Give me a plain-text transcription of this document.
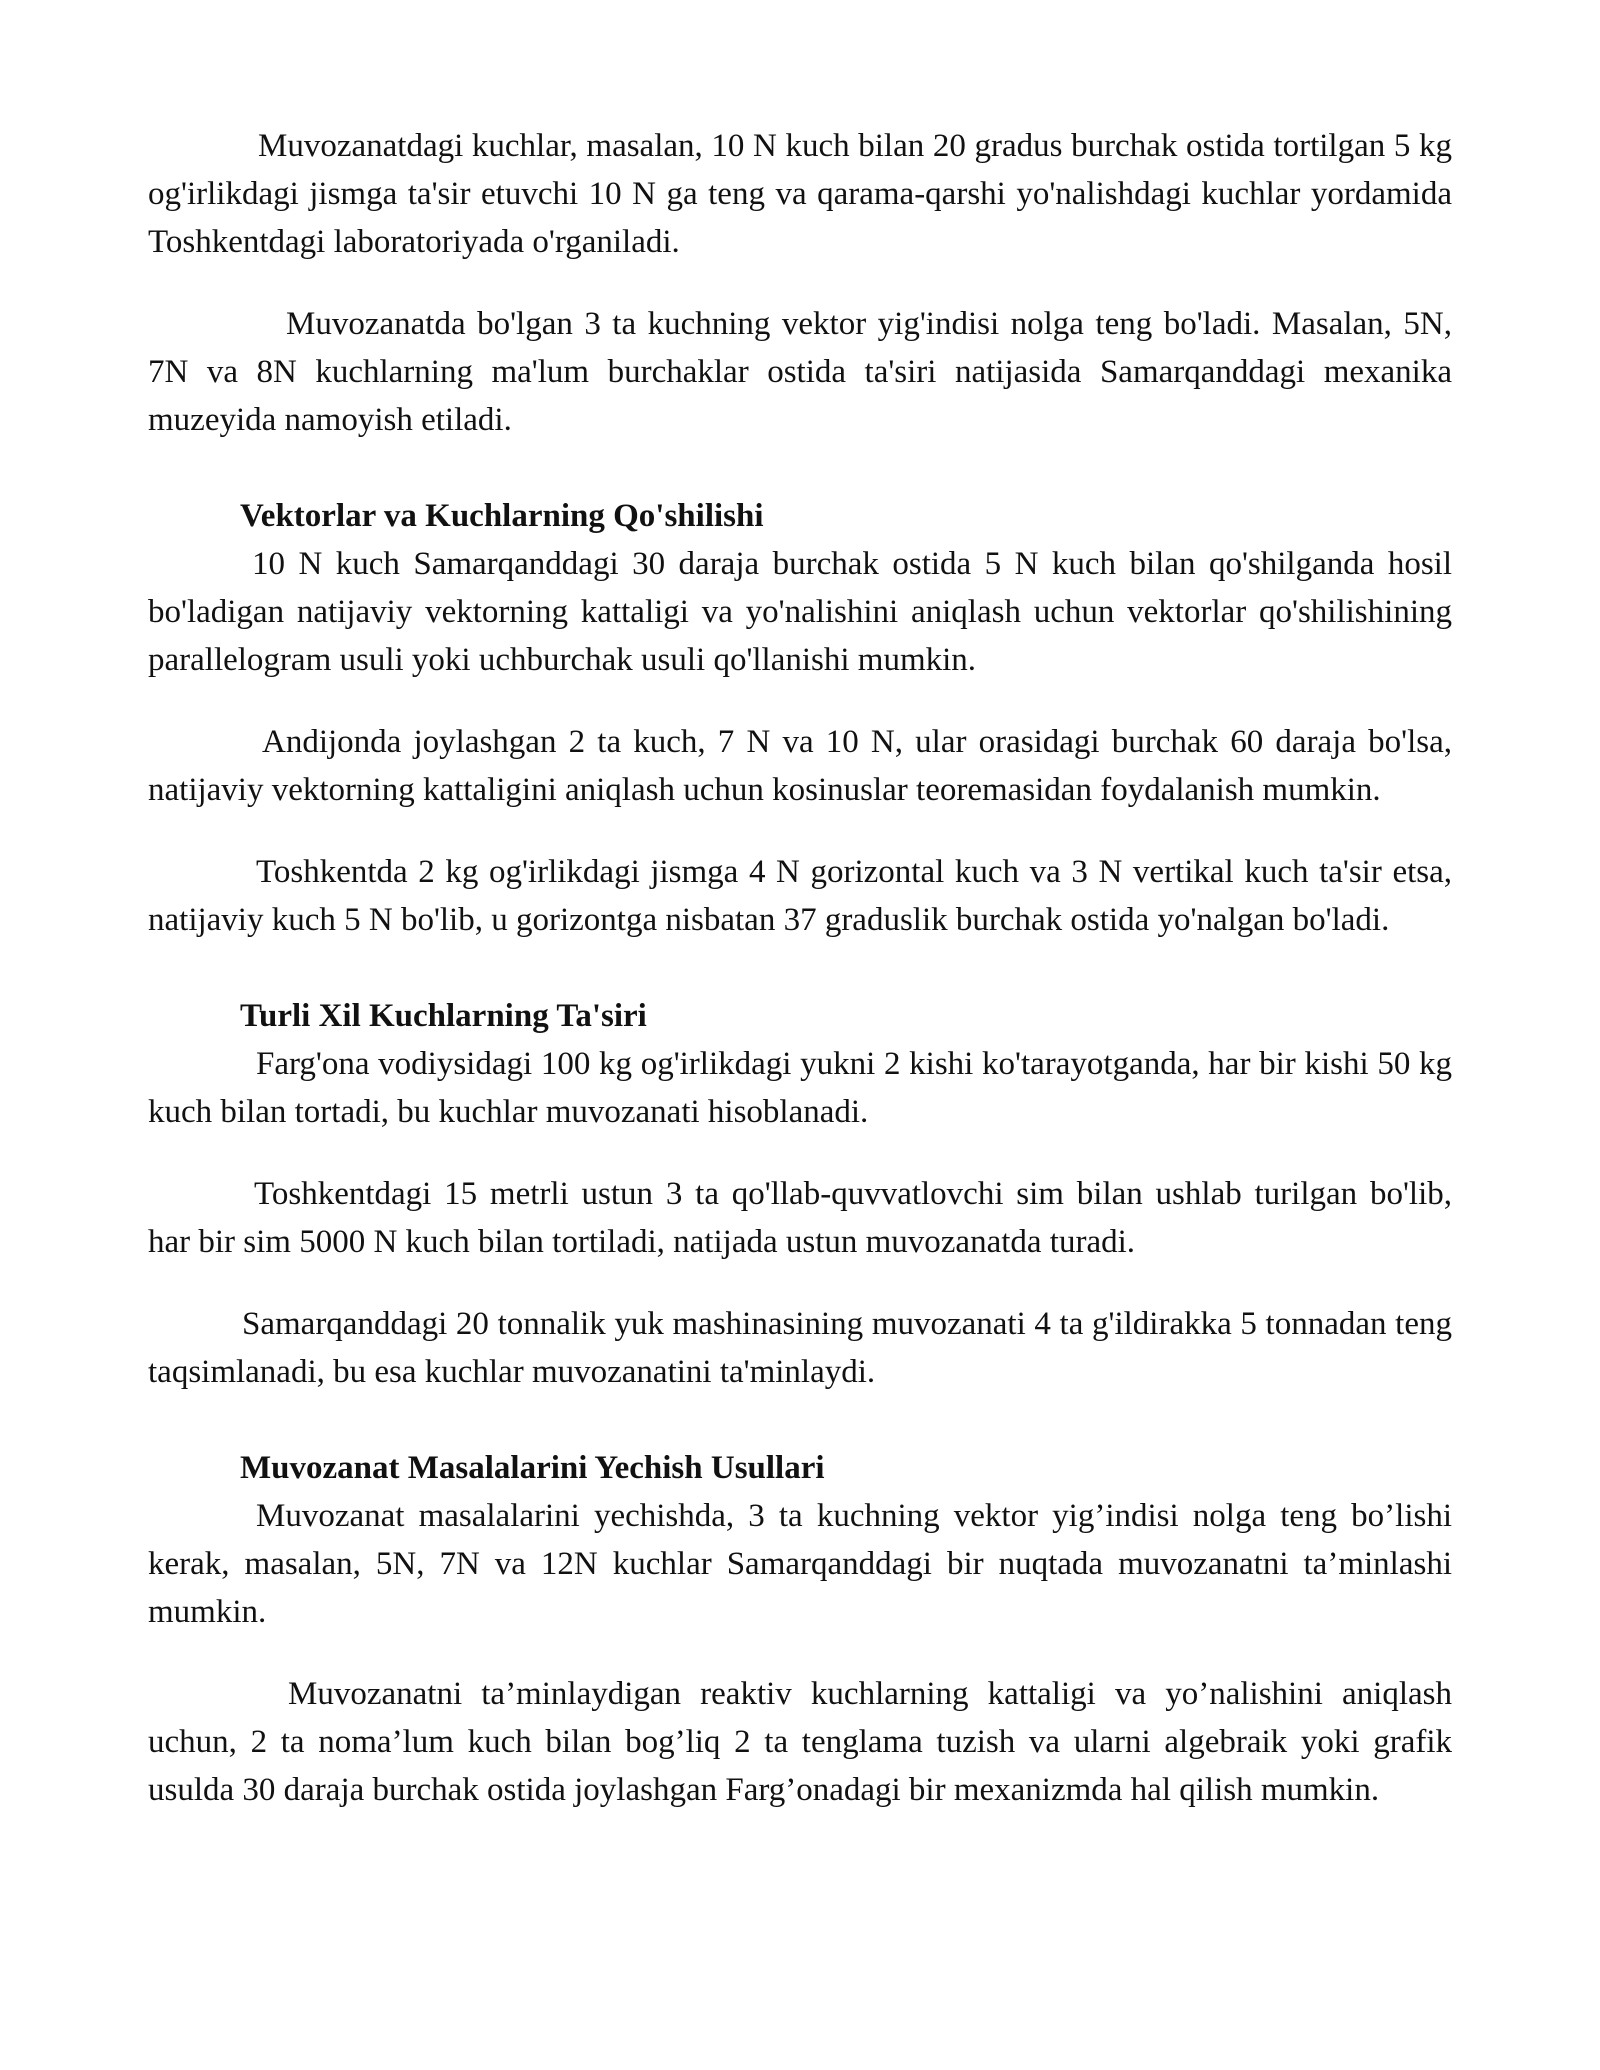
Muvozanatdagi kuchlar, masalan, 10 N kuch bilan 20 gradus burchak ostida tortilgan 5 kg og'irlikdagi jismga ta'sir etuvchi 10 N ga teng va qarama-qarshi yo'nalishdagi kuchlar yordamida Toshkentdagi laboratoriyada o'rganiladi.

Muvozanatda bo'lgan 3 ta kuchning vektor yig'indisi nolga teng bo'ladi. Masalan, 5N, 7N va 8N kuchlarning ma'lum burchaklar ostida ta'siri natijasida Samarqanddagi mexanika muzeyida namoyish etiladi.

Vektorlar va Kuchlarning Qo'shilishi

10 N kuch Samarqanddagi 30 daraja burchak ostida 5 N kuch bilan qo'shilganda hosil bo'ladigan natijaviy vektorning kattaligi va yo'nalishini aniqlash uchun vektorlar qo'shilishining parallelogram usuli yoki uchburchak usuli qo'llanishi mumkin.

Andijonda joylashgan 2 ta kuch, 7 N va 10 N, ular orasidagi burchak 60 daraja bo'lsa, natijaviy vektorning kattaligini aniqlash uchun kosinuslar teoremasidan foydalanish mumkin.

Toshkentda 2 kg og'irlikdagi jismga 4 N gorizontal kuch va 3 N vertikal kuch ta'sir etsa, natijaviy kuch 5 N bo'lib, u gorizontga nisbatan 37 graduslik burchak ostida yo'nalgan bo'ladi.

Turli Xil Kuchlarning Ta'siri

Farg'ona vodiysidagi 100 kg og'irlikdagi yukni 2 kishi ko'tarayotganda, har bir kishi 50 kg kuch bilan tortadi, bu kuchlar muvozanati hisoblanadi.

Toshkentdagi 15 metrli ustun 3 ta qo'llab-quvvatlovchi sim bilan ushlab turilgan bo'lib, har bir sim 5000 N kuch bilan tortiladi, natijada ustun muvozanatda turadi.

Samarqanddagi 20 tonnalik yuk mashinasining muvozanati 4 ta g'ildirakka 5 tonnadan teng taqsimlanadi, bu esa kuchlar muvozanatini ta'minlaydi.

Muvozanat Masalalarini Yechish Usullari

Muvozanat masalalarini yechishda, 3 ta kuchning vektor yig’indisi nolga teng bo’lishi kerak, masalan, 5N, 7N va 12N kuchlar Samarqanddagi bir nuqtada muvozanatni ta’minlashi mumkin.

Muvozanatni ta’minlaydigan reaktiv kuchlarning kattaligi va yo’nalishini aniqlash uchun, 2 ta noma’lum kuch bilan bog’liq 2 ta tenglama tuzish va ularni algebraik yoki grafik usulda 30 daraja burchak ostida joylashgan Farg’onadagi bir mexanizmda hal qilish mumkin.
